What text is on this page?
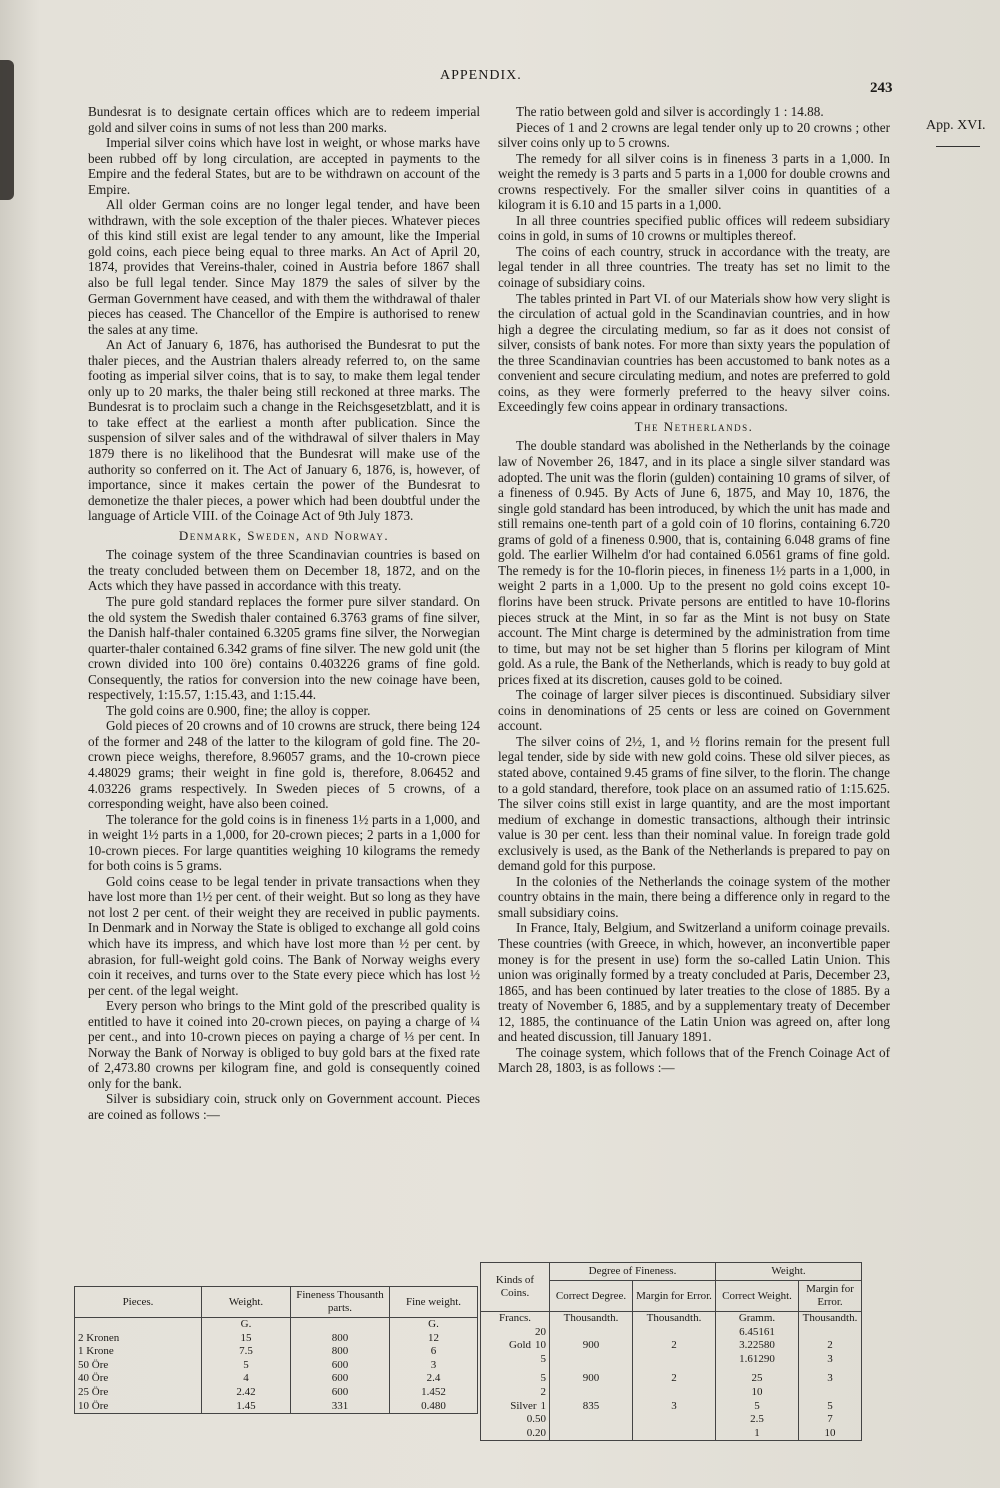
APPENDIX.
243
App. XVI.

Bundesrat is to designate certain offices which are to redeem imperial gold and silver coins in sums of not less than 200 marks.

Imperial silver coins which have lost in weight, or whose marks have been rubbed off by long circulation, are accepted in payments to the Empire and the federal States, but are to be withdrawn on account of the Empire.

All older German coins are no longer legal tender, and have been withdrawn, with the sole exception of the thaler pieces. Whatever pieces of this kind still exist are legal tender to any amount, like the Imperial gold coins, each piece being equal to three marks. An Act of April 20, 1874, provides that Vereins-thaler, coined in Austria before 1867 shall also be full legal tender. Since May 1879 the sales of silver by the German Government have ceased, and with them the withdrawal of thaler pieces has ceased. The Chancellor of the Empire is authorised to renew the sales at any time.

An Act of January 6, 1876, has authorised the Bundesrat to put the thaler pieces, and the Austrian thalers already referred to, on the same footing as imperial silver coins, that is to say, to make them legal tender only up to 20 marks, the thaler being still reckoned at three marks. The Bundesrat is to proclaim such a change in the Reichsgesetzblatt, and it is to take effect at the earliest a month after publication. Since the suspension of silver sales and of the withdrawal of silver thalers in May 1879 there is no likelihood that the Bundesrat will make use of the authority so conferred on it. The Act of January 6, 1876, is, however, of importance, since it makes certain the power of the Bundesrat to demonetize the thaler pieces, a power which had been doubtful under the language of Article VIII. of the Coinage Act of 9th July 1873.

Denmark, Sweden, and Norway.

The coinage system of the three Scandinavian countries is based on the treaty concluded between them on December 18, 1872, and on the Acts which they have passed in accordance with this treaty.

The pure gold standard replaces the former pure silver standard. On the old system the Swedish thaler contained 6.3763 grams of fine silver, the Danish half-thaler contained 6.3205 grams fine silver, the Norwegian quarter-thaler contained 6.342 grams of fine silver. The new gold unit (the crown divided into 100 öre) contains 0.403226 grams of fine gold. Consequently, the ratios for conversion into the new coinage have been, respectively, 1:15.57, 1:15.43, and 1:15.44.

The gold coins are 0.900, fine; the alloy is copper.

Gold pieces of 20 crowns and of 10 crowns are struck, there being 124 of the former and 248 of the latter to the kilogram of gold fine. The 20-crown piece weighs, therefore, 8.96057 grams, and the 10-crown piece 4.48029 grams; their weight in fine gold is, therefore, 8.06452 and 4.03226 grams respectively. In Sweden pieces of 5 crowns, of a corresponding weight, have also been coined.

The tolerance for the gold coins is in fineness 1½ parts in a 1,000, and in weight 1½ parts in a 1,000, for 20-crown pieces; 2 parts in a 1,000 for 10-crown pieces. For large quantities weighing 10 kilograms the remedy for both coins is 5 grams.

Gold coins cease to be legal tender in private transactions when they have lost more than 1½ per cent. of their weight. But so long as they have not lost 2 per cent. of their weight they are received in public payments. In Denmark and in Norway the State is obliged to exchange all gold coins which have its impress, and which have lost more than ½ per cent. by abrasion, for full-weight gold coins. The Bank of Norway weighs every coin it receives, and turns over to the State every piece which has lost ½ per cent. of the legal weight.

Every person who brings to the Mint gold of the prescribed quality is entitled to have it coined into 20-crown pieces, on paying a charge of ¼ per cent., and into 10-crown pieces on paying a charge of ⅓ per cent. In Norway the Bank of Norway is obliged to buy gold bars at the fixed rate of 2,473.80 crowns per kilogram fine, and gold is consequently coined only for the bank.

Silver is subsidiary coin, struck only on Government account. Pieces are coined as follows :—

The ratio between gold and silver is accordingly 1 : 14.88.

Pieces of 1 and 2 crowns are legal tender only up to 20 crowns ; other silver coins only up to 5 crowns.

The remedy for all silver coins is in fineness 3 parts in a 1,000. In weight the remedy is 3 parts and 5 parts in a 1,000 for double crowns and crowns respectively. For the smaller silver coins in quantities of a kilogram it is 6.10 and 15 parts in a 1,000.

In all three countries specified public offices will redeem subsidiary coins in gold, in sums of 10 crowns or multiples thereof.

The coins of each country, struck in accordance with the treaty, are legal tender in all three countries. The treaty has set no limit to the coinage of subsidiary coins.

The tables printed in Part VI. of our Materials show how very slight is the circulation of actual gold in the Scandinavian countries, and in how high a degree the circulating medium, so far as it does not consist of silver, consists of bank notes. For more than sixty years the population of the three Scandinavian countries has been accustomed to bank notes as a convenient and secure circulating medium, and notes are preferred to gold coins, as they were formerly preferred to the heavy silver coins. Exceedingly few coins appear in ordinary transactions.

The Netherlands.

The double standard was abolished in the Netherlands by the coinage law of November 26, 1847, and in its place a single silver standard was adopted. The unit was the florin (gulden) containing 10 grams of silver, of a fineness of 0.945. By Acts of June 6, 1875, and May 10, 1876, the single gold standard has been introduced, by which the unit has made and still remains one-tenth part of a gold coin of 10 florins, containing 6.720 grams of gold of a fineness 0.900, that is, containing 6.048 grams of fine gold. The earlier Wilhelm d'or had contained 6.0561 grams of fine gold. The remedy is for the 10-florin pieces, in fineness 1½ parts in a 1,000, in weight 2 parts in a 1,000. Up to the present no gold coins except 10-florins have been struck. Private persons are entitled to have 10-florins pieces struck at the Mint, in so far as the Mint is not busy on State account. The Mint charge is determined by the administration from time to time, but may not be set higher than 5 florins per kilogram of Mint gold. As a rule, the Bank of the Netherlands, which is ready to buy gold at prices fixed at its discretion, causes gold to be coined.

The coinage of larger silver pieces is discontinued. Subsidiary silver coins in denominations of 25 cents or less are coined on Government account.

The silver coins of 2½, 1, and ½ florins remain for the present full legal tender, side by side with new gold coins. These old silver pieces, as stated above, contained 9.45 grams of fine silver, to the florin. The change to a gold standard, therefore, took place on an assumed ratio of 1:15.625. The silver coins still exist in large quantity, and are the most important medium of exchange in domestic transactions, although their intrinsic value is 30 per cent. less than their nominal value. In foreign trade gold exclusively is used, as the Bank of the Netherlands is prepared to pay on demand gold for this purpose.

In the colonies of the Netherlands the coinage system of the mother country obtains in the main, there being a difference only in regard to the small subsidiary coins.

In France, Italy, Belgium, and Switzerland a uniform coinage prevails. These countries (with Greece, in which, however, an inconvertible paper money is for the present in use) form the so-called Latin Union. This union was originally formed by a treaty concluded at Paris, December 23, 1865, and has been continued by later treaties to the close of 1885. By a treaty of November 6, 1885, and by a supplementary treaty of December 12, 1885, the continuance of the Latin Union was agreed on, after long and heated discussion, till January 1891.

The coinage system, which follows that of the French Coinage Act of March 28, 1803, is as follows :—

Pieces.	Weight.	Fineness Thousanth parts.	Fine weight.
	G.		G.
2 Kronen	15	800	12
1 Krone	7.5	800	6
50 Öre	5	600	3
40 Öre	4	600	2.4
25 Öre	2.42	600	1.452
10 Öre	1.45	331	0.480
Kinds of Coins.	Degree of Fineness.		Weight.	
	Correct Degree.	Margin for Error.	Correct Weight.	Margin for Error.
Francs.	Thousandth.	Thousandth.	Gramm.	Thousandth.
20			6.45161	
Gold 10	900	2	3.22580	2
5			1.61290	3

5	900	2	25	3
2			10	
Silver 1	835	3	5	5
0.50			2.5	7
0.20			1	10
